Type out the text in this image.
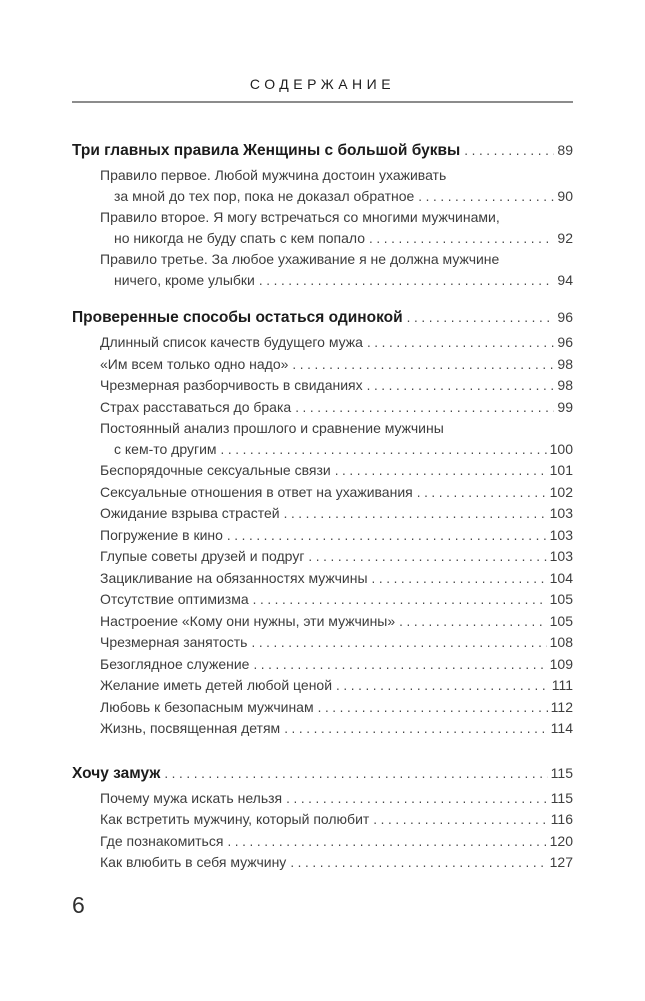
СОДЕРЖАНИЕ
Три главных правила Женщины с большой буквы .....	89
Правило первое. Любой мужчина достоин ухаживать
за мной до тех пор, пока не доказал обратное .....	90
Правило второе. Я могу встречаться со многими мужчинами,
но никогда не буду спать с кем попало .....	92
Правило третье. За любое ухаживание я не должна мужчине
ничего, кроме улыбки .....	94
Проверенные способы остаться одинокой .....	96
Длинный список качеств будущего мужа .....	96
«Им всем только одно надо» .....	98
Чрезмерная разборчивость в свиданиях .....	98
Страх расставаться до брака .....	99
Постоянный анализ прошлого и сравнение мужчины
с кем-то другим .....	100
Беспорядочные сексуальные связи .....	101
Сексуальные отношения в ответ на ухаживания .....	102
Ожидание взрыва страстей .....	103
Погружение в кино .....	103
Глупые советы друзей и подруг .....	103
Зацикливание на обязанностях мужчины .....	104
Отсутствие оптимизма .....	105
Настроение «Кому они нужны, эти мужчины» .....	105
Чрезмерная занятость .....	108
Безоглядное служение .....	109
Желание иметь детей любой ценой .....	111
Любовь к безопасным мужчинам .....	112
Жизнь, посвященная детям .....	114
Хочу замуж .....	115
Почему мужа искать нельзя .....	115
Как встретить мужчину, который полюбит .....	116
Где познакомиться .....	120
Как влюбить в себя мужчину .....	127
6
